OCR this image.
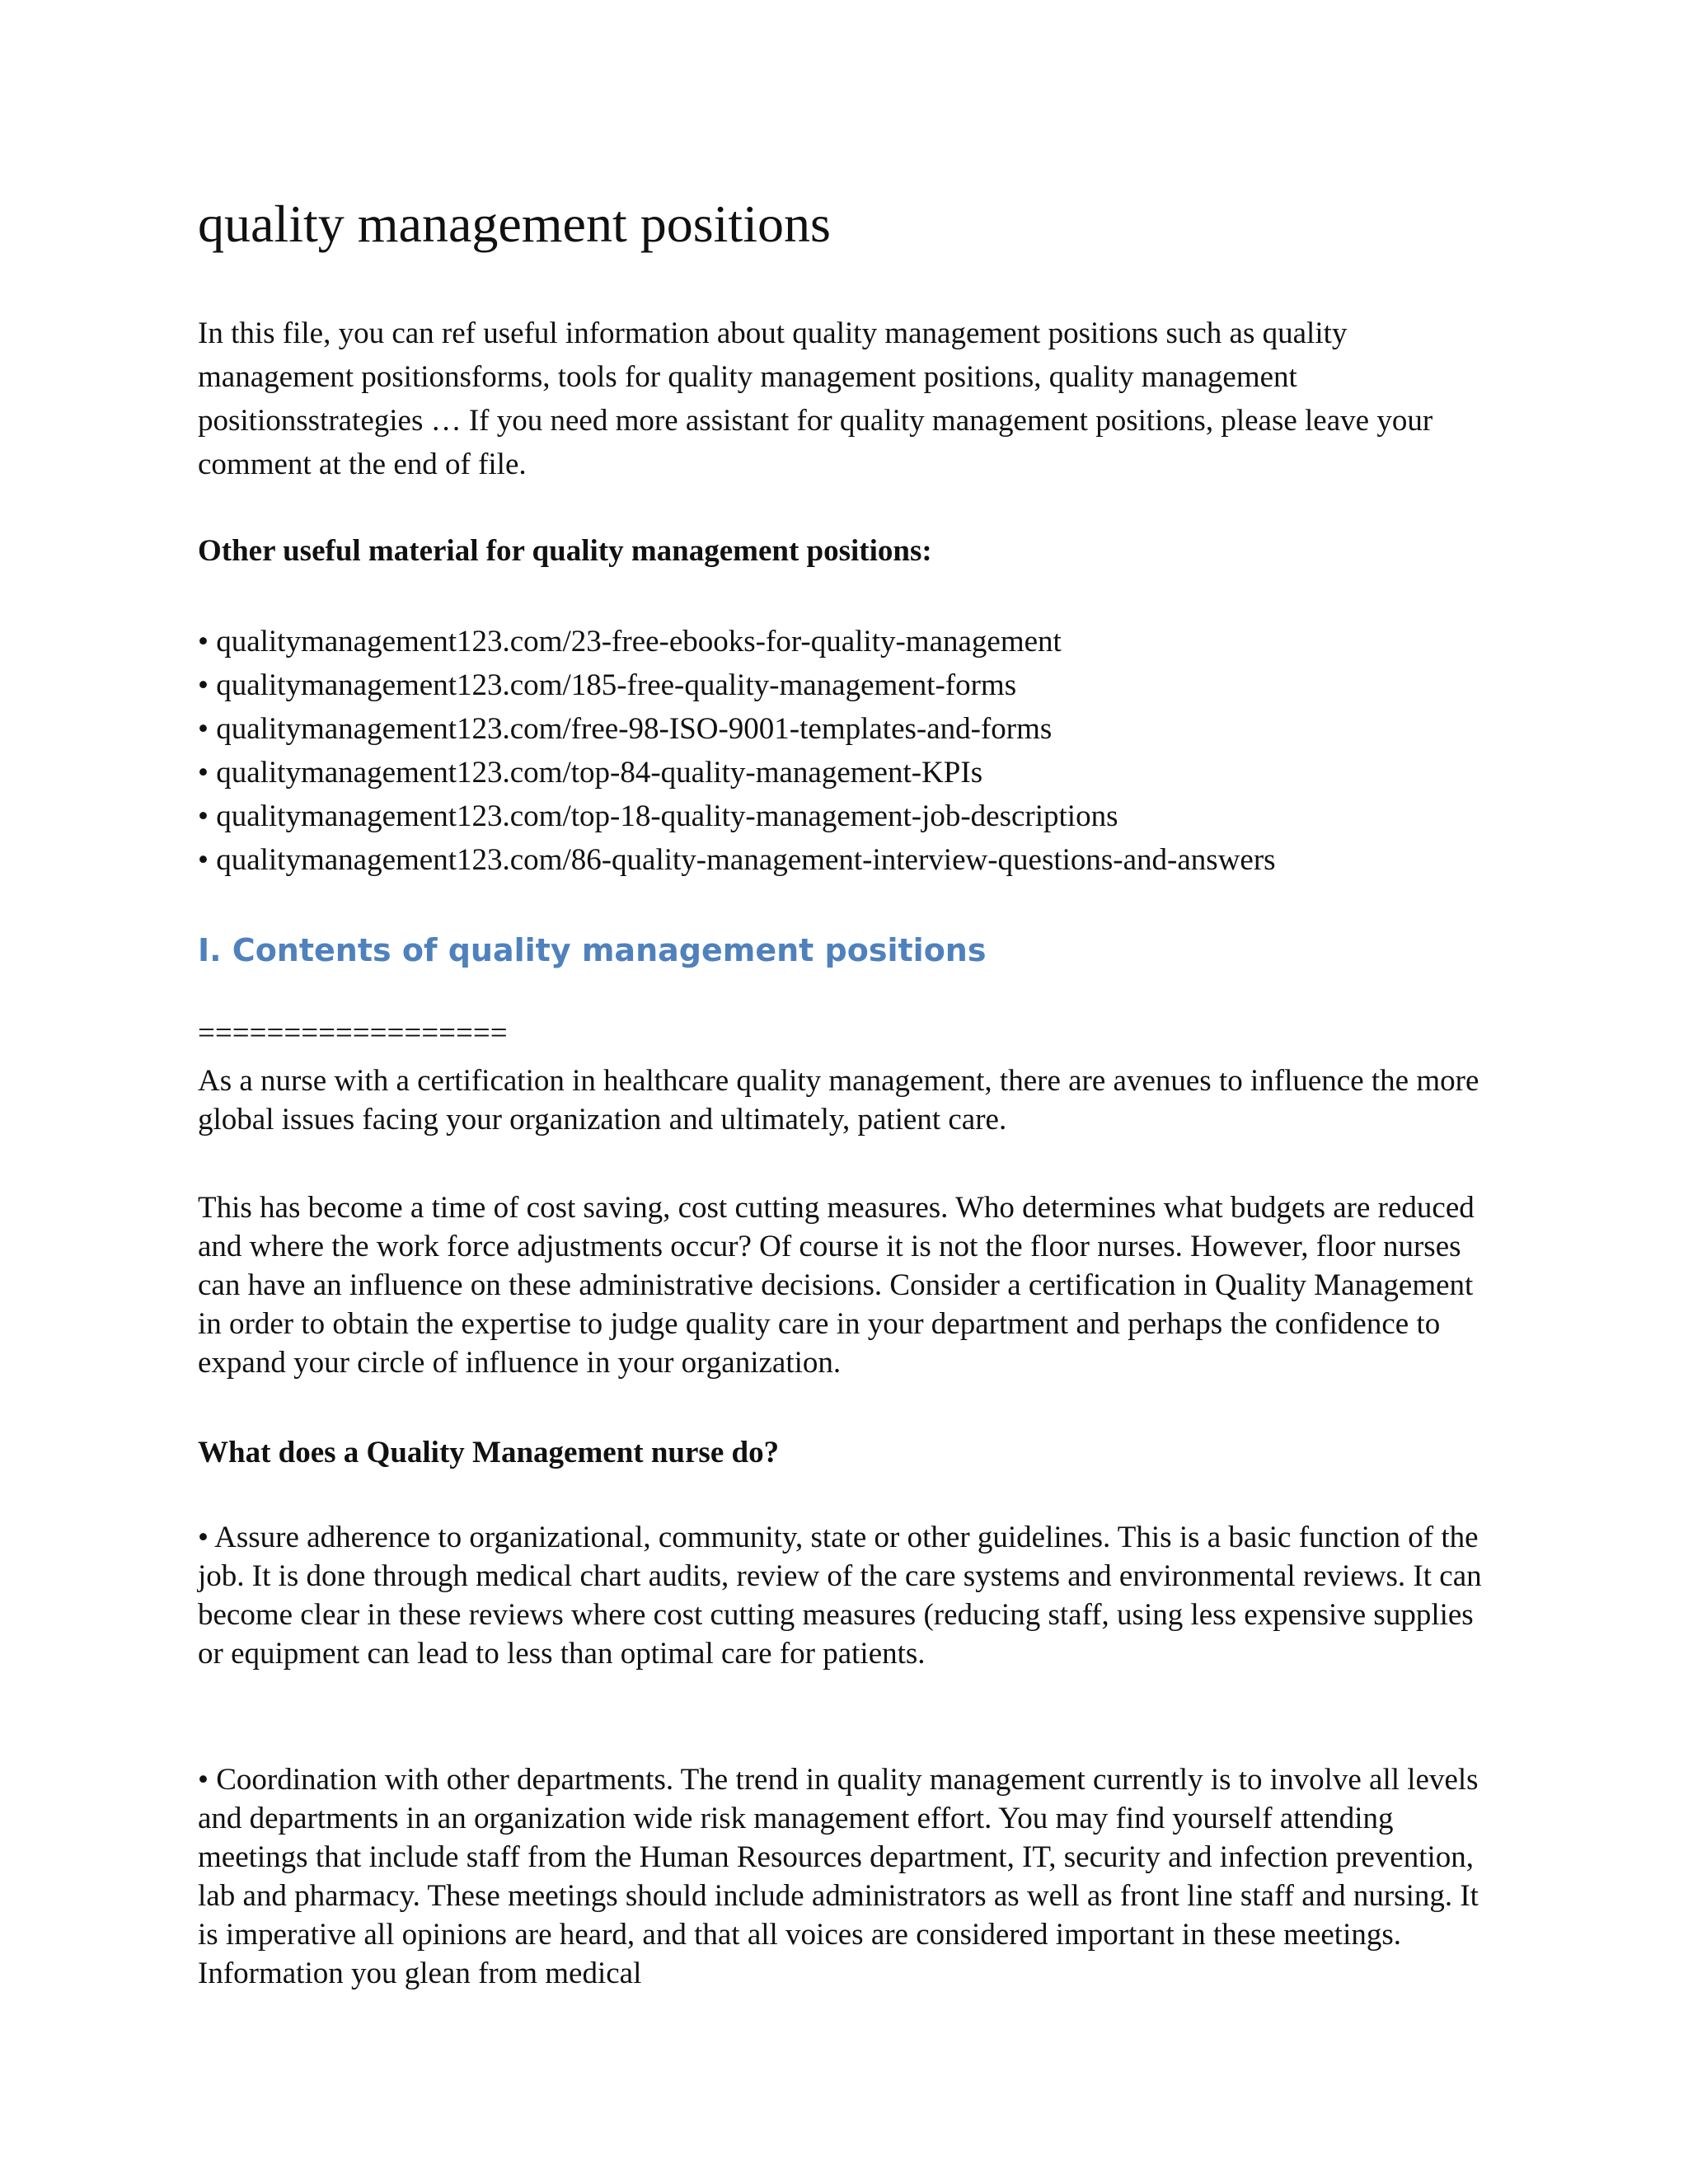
quality management positions

In this file, you can ref useful information about quality management positions such as quality management positionsforms, tools for quality management positions, quality management positionsstrategies … If you need more assistant for quality management positions, please leave your comment at the end of file.

Other useful material for quality management positions:

• qualitymanagement123.com/23-free-ebooks-for-quality-management
• qualitymanagement123.com/185-free-quality-management-forms
• qualitymanagement123.com/free-98-ISO-9001-templates-and-forms
• qualitymanagement123.com/top-84-quality-management-KPIs
• qualitymanagement123.com/top-18-quality-management-job-descriptions
• qualitymanagement123.com/86-quality-management-interview-questions-and-answers
I. Contents of quality management positions

==================

As a nurse with a certification in healthcare quality management, there are avenues to influence the more global issues facing your organization and ultimately, patient care.

This has become a time of cost saving, cost cutting measures. Who determines what budgets are reduced and where the work force adjustments occur? Of course it is not the floor nurses. However, floor nurses can have an influence on these administrative decisions. Consider a certification in Quality Management in order to obtain the expertise to judge quality care in your department and perhaps the confidence to expand your circle of influence in your organization.

What does a Quality Management nurse do?

• Assure adherence to organizational, community, state or other guidelines. This is a basic function of the job. It is done through medical chart audits, review of the care systems and environmental reviews. It can become clear in these reviews where cost cutting measures (reducing staff, using less expensive supplies or equipment can lead to less than optimal care for patients.

• Coordination with other departments. The trend in quality management currently is to involve all levels and departments in an organization wide risk management effort. You may find yourself attending meetings that include staff from the Human Resources department, IT, security and infection prevention, lab and pharmacy. These meetings should include administrators as well as front line staff and nursing. It is imperative all opinions are heard, and that all voices are considered important in these meetings. Information you glean from medical
